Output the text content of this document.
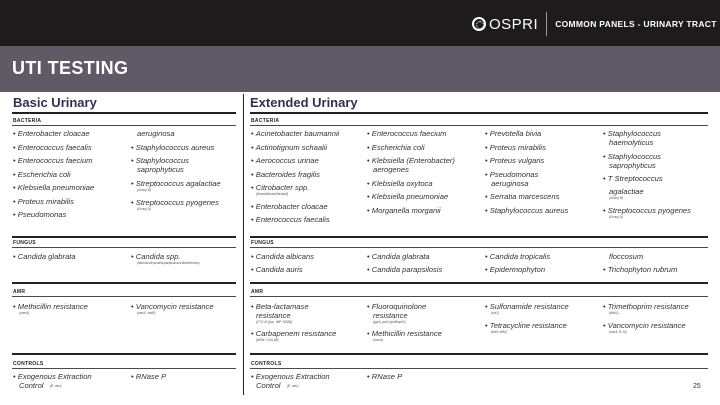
OSPRI COMMON PANELS - URINARY TRACT
UTI TESTING
Basic Urinary	Extended Urinary
BACTERIA
• Enterobacter cloacae
• Enterococcus faecalis
• Enterococcus faecium
• Escherichia coli
• Klebsiella pneumoniae
• Proteus mirabilis
• Pseudomonas
aeruginosa
• Staphylococcus aureus
• Staphylococcus
saprophyticus
• Streptococcus agalactiae
(Group B)
• Streptococcus pyogenes
(Group A)
BACTERIA
• Acinetobacter baumannii
• Actinotignum schaalii
• Aerococcus urinae
• Bacteroides fragilis
• Citrobacter spp.
(freundii/koseri/braakii)
• Enterobacter cloacae
• Enterococcus faecalis
• Enterococcus faecium
• Escherichia coli
• Klebsiella (Enterobacter)
aerogenes
• Klebsiella oxytoca
• Klebsiella pneumoniae
• Morganella morganii
• Prevotella bivia
• Proteus mirabilis
• Proteus vulgaris
• Pseudomonas
aeruginosa
• Serratia marcescens
• Staphylococcus aureus
• Staphylococcus
haemolyticus
• Staphylococcus
saprophyticus
• T Streptococcus
agalactiae
(Group B)
• Streptococcus pyogenes
(Group A)
FUNGUS
• Candida glabrata
•	Candida spp.
(albicans/tropicalis/parapsilosis/dubliniensis)
FUNGUS
• Candida albicans
• Candida auris
• Candida glabrata
• Candida parapsilosis
• Candida tropicalis
• Epidermophyton
floccosum
• Trichophyton rubrum
AMR
• Methicillin resistance
(mecA)
• Vancomycin resistance
(vanA, vanB)
AMR
• Beta-lactamase
resistance
(CTX-M (kpc, IMP, NDM))
• Carbapenem resistance
(NDM, OXA-48)
• Fluoroquinolone
resistance
(gyrA, parC/qnrB/qnrS)
• Methicillin resistance
(mecA)
• Sulfonamide resistance
(sul1)
• Tetracycline resistance
(tetA, tetM)
• Trimethoprim resistance
(dfrA1)
• Vancomycin resistance
(vanA, B, M)
CONTROLS
• Exogenous Extraction
Control (B. atro)
• RNase P
CONTROLS
• Exogenous Extraction
Control (B. atro)
• RNase P
25
